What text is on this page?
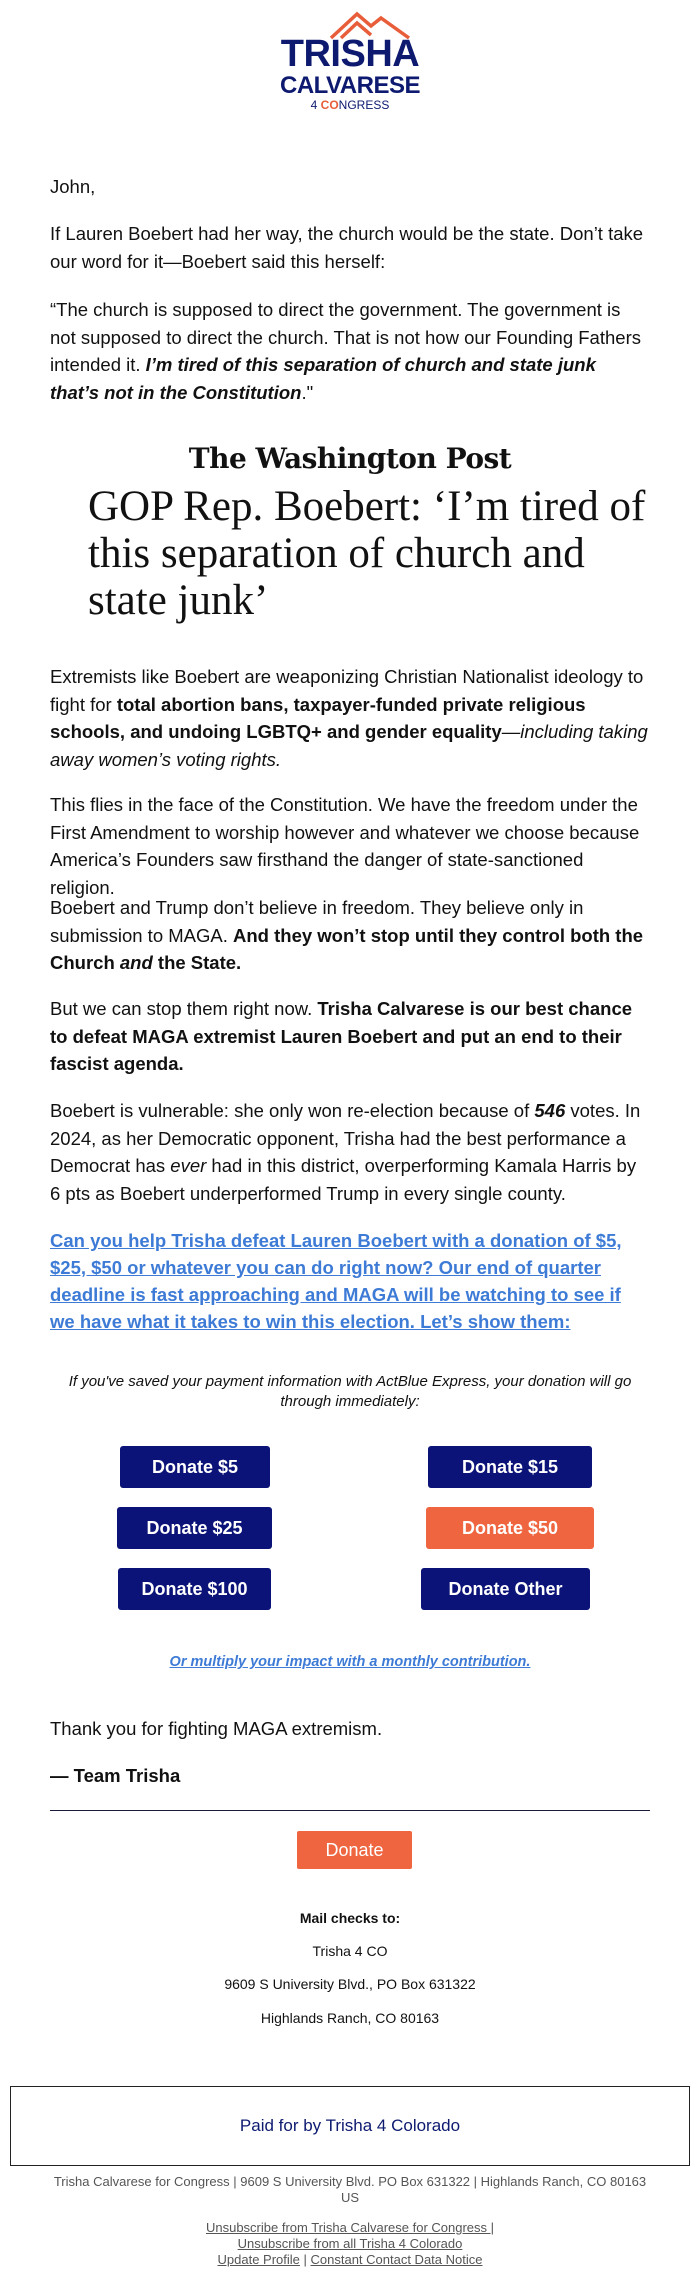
TRISHA
CALVARESE
4 CONGRESS
John,
If Lauren Boebert had her way, the church would be the state. Don’t take our word for it—Boebert said this herself:
“The church is supposed to direct the government. The government is not supposed to direct the church. That is not how our Founding Fathers intended it. I’m tired of this separation of church and state junk that’s not in the Constitution."
The Washington Post
GOP Rep. Boebert: ‘I’m tired of this separation of church and state junk’
Extremists like Boebert are weaponizing Christian Nationalist ideology to fight for total abortion bans, taxpayer-funded private religious schools, and undoing LGBTQ+ and gender equality—including taking away women’s voting rights.
This flies in the face of the Constitution. We have the freedom under the First Amendment to worship however and whatever we choose because America’s Founders saw firsthand the danger of state-sanctioned religion.
Boebert and Trump don’t believe in freedom. They believe only in submission to MAGA. And they won’t stop until they control both the Church and the State.
But we can stop them right now. Trisha Calvarese is our best chance to defeat MAGA extremist Lauren Boebert and put an end to their fascist agenda.
Boebert is vulnerable: she only won re-election because of 546 votes. In 2024, as her Democratic opponent, Trisha had the best performance a Democrat has ever had in this district, overperforming Kamala Harris by 6 pts as Boebert underperformed Trump in every single county.
Can you help Trisha defeat Lauren Boebert with a donation of $5, $25, $50 or whatever you can do right now? Our end of quarter deadline is fast approaching and MAGA will be watching to see if we have what it takes to win this election. Let’s show them:
If you've saved your payment information with ActBlue Express, your donation will go through immediately:
Donate $5	Donate $15
Donate $25	Donate $50
Donate $100	Donate Other
Or multiply your impact with a monthly contribution.
Thank you for fighting MAGA extremism.
— Team Trisha
Donate
Mail checks to:
Trisha 4 CO
9609 S University Blvd., PO Box 631322
Highlands Ranch, CO 80163
Paid for by Trisha 4 Colorado
Trisha Calvarese for Congress | 9609 S University Blvd. PO Box 631322 | Highlands Ranch, CO 80163 US
Unsubscribe from Trisha Calvarese for Congress |
Unsubscribe from all Trisha 4 Colorado
Update Profile | Constant Contact Data Notice
